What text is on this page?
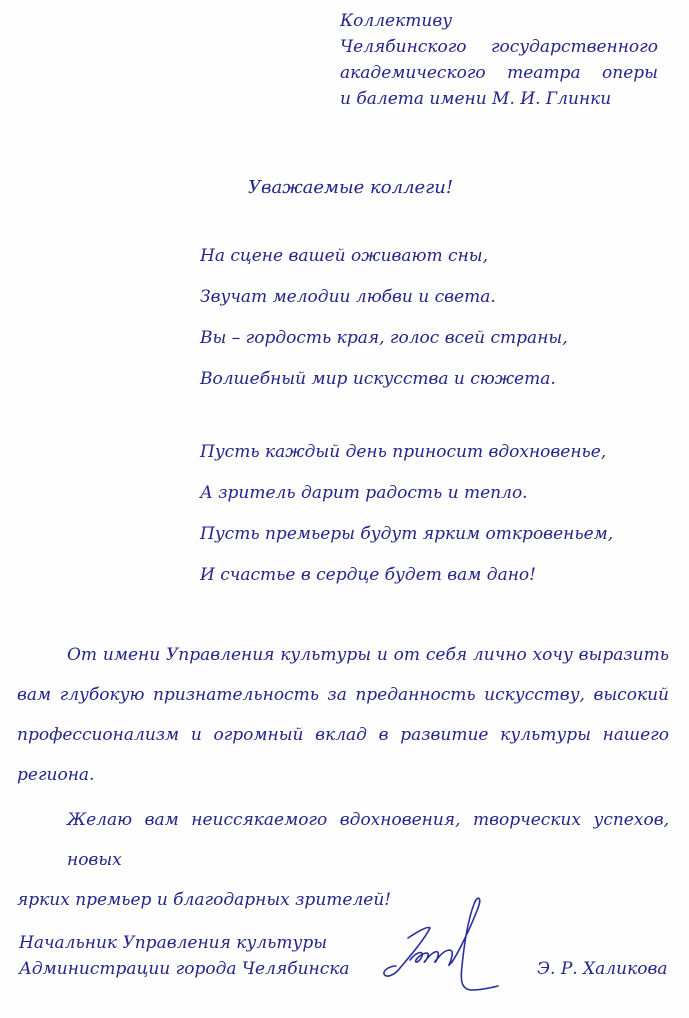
Коллективу
Челябинского государственного
академического театра оперы
и балета имени М. И. Глинки
Уважаемые коллеги!
На сцене вашей оживают сны,
Звучат мелодии любви и света.
Вы – гордость края, голос всей страны,
Волшебный мир искусства и сюжета.
Пусть каждый день приносит вдохновенье,
А зритель дарит радость и тепло.
Пусть премьеры будут ярким откровеньем,
И счастье в сердце будет вам дано!
От имени Управления культуры и от себя лично хочу выразить
вам глубокую признательность за преданность искусству, высокий
профессионализм и огромный вклад в развитие культуры нашего
региона.
Желаю вам неиссякаемого вдохновения, творческих успехов, новых
ярких премьер и благодарных зрителей!
Начальник Управления культуры
Администрации города Челябинска	Э. Р. Халикова
